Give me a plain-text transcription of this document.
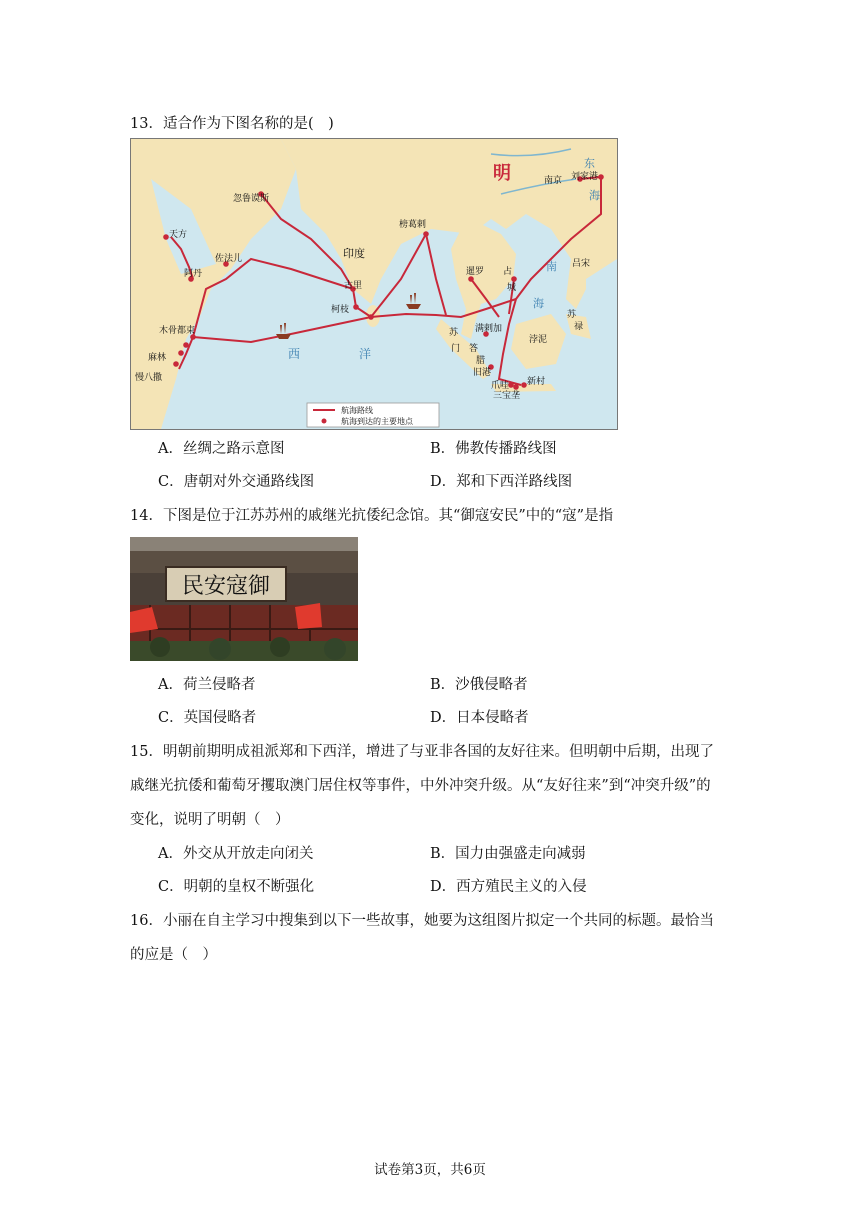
13．适合作为下图名称的是(　)
明	东
海
南京 刘家港
南
海
吕宋
苏
禄
浡泥
占
城
暹罗
满剌加
苏
门 答
腊
旧港
爪哇 新村
三宝垄
榜葛剌
印度
古里
柯枝
忽鲁谟斯
佐法儿
天方
阿丹
木骨都束
麻林
慢八撒
西	洋
航海路线
航海到达的主要地点
A．丝绸之路示意图	B．佛教传播路线图
C．唐朝对外交通路线图	D．郑和下西洋路线图
14．下图是位于江苏苏州的戚继光抗倭纪念馆。其“御寇安民”中的“寇”是指
民安寇御
A．荷兰侵略者	B．沙俄侵略者
C．英国侵略者	D．日本侵略者
15．明朝前期明成祖派郑和下西洋，增进了与亚非各国的友好往来。但明朝中后期，出现了
戚继光抗倭和葡萄牙攫取澳门居住权等事件，中外冲突升级。从“友好往来”到“冲突升级”的
变化，说明了明朝（　）
A．外交从开放走向闭关	B．国力由强盛走向减弱
C．明朝的皇权不断强化	D．西方殖民主义的入侵
16．小丽在自主学习中搜集到以下一些故事，她要为这组图片拟定一个共同的标题。最恰当
的应是（　）
试卷第3页，共6页
